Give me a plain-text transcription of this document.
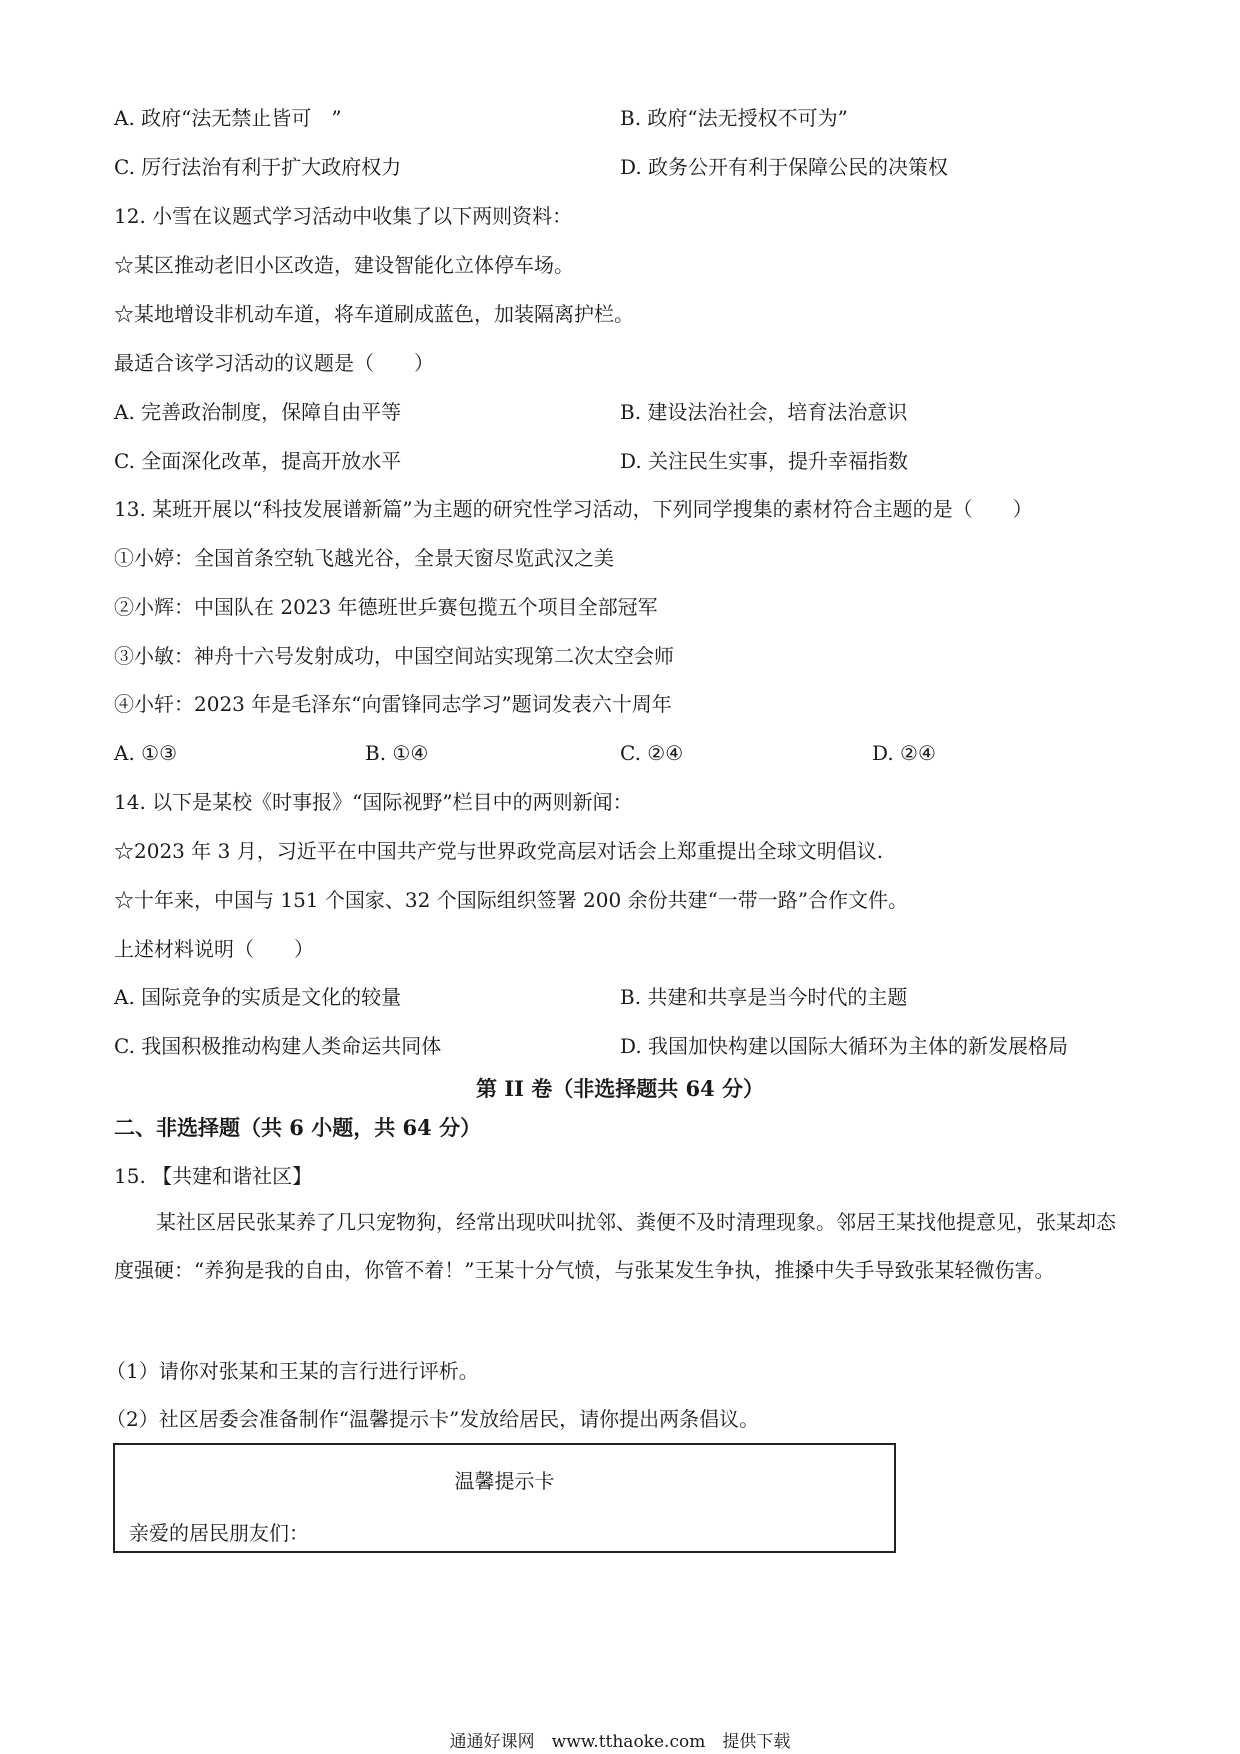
A. 政府“法无禁止皆可　”	B. 政府“法无授权不可为”
C. 厉行法治有利于扩大政府权力	D. 政务公开有利于保障公民的决策权
12. 小雪在议题式学习活动中收集了以下两则资料：
☆某区推动老旧小区改造，建设智能化立体停车场。
☆某地增设非机动车道，将车道刷成蓝色，加装隔离护栏。
最适合该学习活动的议题是（　　）
A. 完善政治制度，保障自由平等	B. 建设法治社会，培育法治意识
C. 全面深化改革，提高开放水平	D. 关注民生实事，提升幸福指数
13. 某班开展以“科技发展谱新篇”为主题的研究性学习活动，下列同学搜集的素材符合主题的是（　　）
①小婷：全国首条空轨飞越光谷，全景天窗尽览武汉之美
②小辉：中国队在 2023 年德班世乒赛包揽五个项目全部冠军
③小敏：神舟十六号发射成功，中国空间站实现第二次太空会师
④小轩：2023 年是毛泽东“向雷锋同志学习”题词发表六十周年
A. ①③	B. ①④	C. ②④	D. ②④
14. 以下是某校《时事报》“国际视野”栏目中的两则新闻：
☆2023 年 3 月，习近平在中国共产党与世界政党高层对话会上郑重提出全球文明倡议.
☆十年来，中国与 151 个国家、32 个国际组织签署 200 余份共建“一带一路”合作文件。
上述材料说明（　　）
A. 国际竞争的实质是文化的较量	B. 共建和共享是当今时代的主题
C. 我国积极推动构建人类命运共同体	D. 我国加快构建以国际大循环为主体的新发展格局
第 II 卷（非选择题共 64 分）
二、非选择题（共 6 小题，共 64 分）
15. 【共建和谐社区】
某社区居民张某养了几只宠物狗，经常出现吠叫扰邻、粪便不及时清理现象。邻居王某找他提意见，张某却态度强硬：“养狗是我的自由，你管不着！”王某十分气愤，与张某发生争执，推搡中失手导致张某轻微伤害。
（1）请你对张某和王某的言行进行评析。
（2）社区居委会准备制作“温馨提示卡”发放给居民，请你提出两条倡议。
温馨提示卡
亲爱的居民朋友们：
通通好课网　www.tthaoke.com　提供下载
